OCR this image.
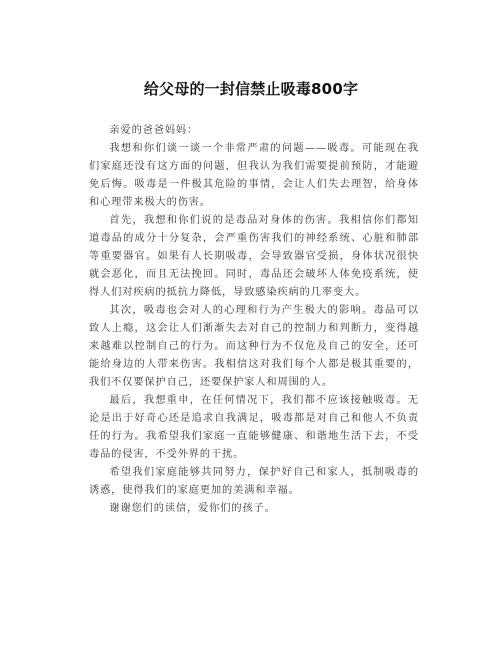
给父母的一封信禁止吸毒800字

亲爱的爸爸妈妈：

我想和你们谈一谈一个非常严肃的问题——吸毒。可能现在我们家庭还没有这方面的问题，但我认为我们需要提前预防，才能避免后悔。吸毒是一件极其危险的事情，会让人们失去理智，给身体和心理带来极大的伤害。

首先，我想和你们说的是毒品对身体的伤害。我相信你们都知道毒品的成分十分复杂，会严重伤害我们的神经系统、心脏和肺部等重要器官。如果有人长期吸毒，会导致器官受损，身体状况很快就会恶化，而且无法挽回。同时，毒品还会破坏人体免疫系统，使得人们对疾病的抵抗力降低，导致感染疾病的几率变大。

其次，吸毒也会对人的心理和行为产生极大的影响。毒品可以致人上瘾，这会让人们渐渐失去对自己的控制力和判断力，变得越来越难以控制自己的行为。而这种行为不仅危及自己的安全，还可能给身边的人带来伤害。我相信这对我们每个人都是极其重要的，我们不仅要保护自己，还要保护家人和周围的人。

最后，我想重申，在任何情况下，我们都不应该接触吸毒。无论是出于好奇心还是追求自我满足，吸毒都是对自己和他人不负责任的行为。我希望我们家庭一直能够健康、和谐地生活下去，不受毒品的侵害，不受外界的干扰。

希望我们家庭能够共同努力，保护好自己和家人，抵制吸毒的诱惑，使得我们的家庭更加的美满和幸福。

谢谢您们的读信，爱你们的孩子。
